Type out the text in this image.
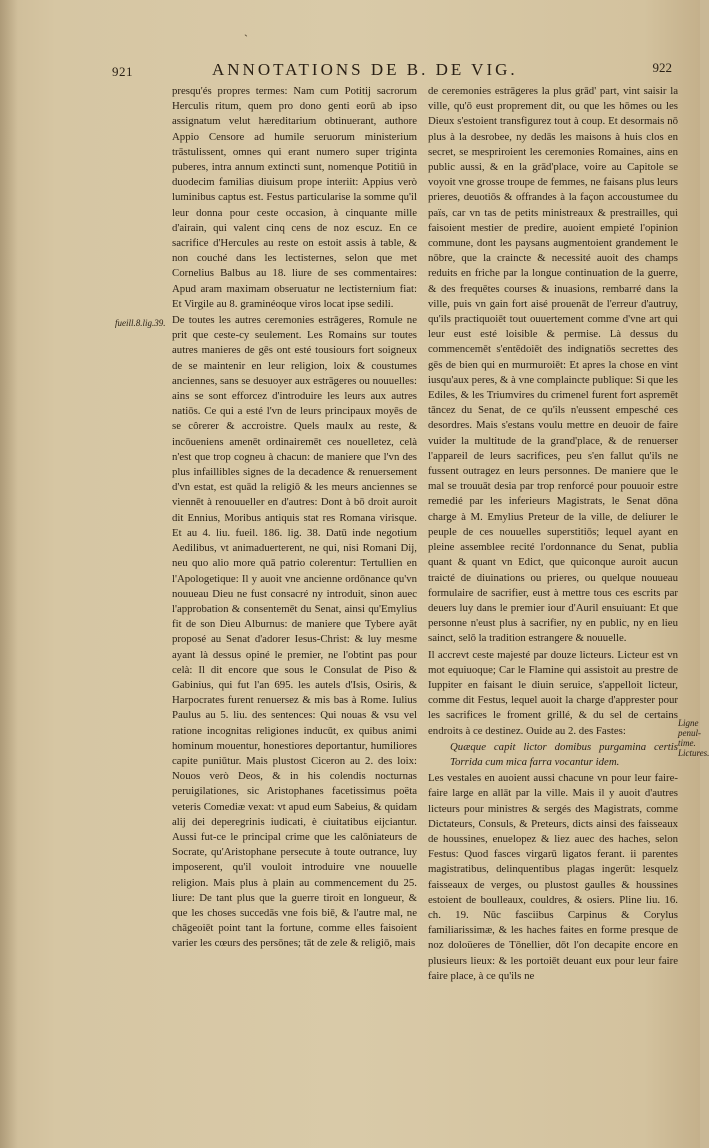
ˋ
921	ANNOTATIONS DE B. DE VIG.	922
fueill.8.lig.39.
Ligne penul-time. Lictures.

presqu'és propres termes: Nam cum Potitij sacrorum Herculis ritum, quem pro dono genti eorū ab ipso assignatum velut hæreditarium obtinuerant, authore Appio Censore ad humile seruorum ministerium trāstulissent, omnes qui erant numero super triginta puberes, intra annum extincti sunt, nomenque Potitiū in duodecim familias diuisum prope interiit: Appius verò luminibus captus est. Festus particularise la somme qu'il leur donna pour ceste occasion, à cinquante mille d'airain, qui valent cinq cens de noz escuz. En ce sacrifice d'Hercules au reste on estoit assis à table, & non couché dans les lectisternes, selon que met Cornelius Balbus au 18. liure de ses commentaires: Apud aram maximam obseruatur ne lectisternium fiat: Et Virgile au 8. graminéoque viros locat ipse sedili.

De toutes les autres ceremonies estrāgeres, Romule ne prit que ceste-cy seulement. Les Romains sur toutes autres manieres de gēs ont esté tousiours fort soigneux de se maintenir en leur religion, loix & coustumes anciennes, sans se desuoyer aux estrāgeres ou nouuelles: ains se sont efforcez d'introduire les leurs aux autres natiōs. Ce qui a esté l'vn de leurs principaux moyēs de se côrerer & accroistre. Quels maulx au reste, & incōueniens amenēt ordinairemēt ces nouelletez, celà n'est que trop cogneu à chacun: de maniere que l'vn des plus infaillibles signes de la decadence & renuersement d'vn estat, est quād la religiō & les meurs anciennes se viennēt à renouueller en d'autres: Dont à bō droit auroit dit Ennius, Moribus antiquis stat res Romana virisque. Et au 4. liu. fueil. 186. lig. 38. Datū inde negotium Aedilibus, vt animaduerterent, ne qui, nisi Romani Dij, neu quo alio more quā patrio colerentur: Tertullien en l'Apologetique: Il y auoit vne ancienne ordōnance qu'vn nouueau Dieu ne fust consacré ny introduit, sinon auec l'approbation & consentemēt du Senat, ainsi qu'Emylius fit de son Dieu Alburnus: de maniere que Tybere ayāt proposé au Senat d'adorer Iesus-Christ: & luy mesme ayant là dessus opiné le premier, ne l'obtint pas pour celà: Il dit encore que sous le Consulat de Piso & Gabinius, qui fut l'an 695. les autels d'Isis, Osiris, & Harpocrates furent renuersez & mis bas à Rome. Iulius Paulus au 5. liu. des sentences: Qui nouas & vsu vel ratione incognitas religiones inducūt, ex quibus animi hominum mouentur, honestiores deportantur, humiliores capite puniūtur. Mais plustost Ciceron au 2. des loix: Nouos verò Deos, & in his colendis nocturnas peruigilationes, sic Aristophanes facetissimus poëta veteris Comediæ vexat: vt apud eum Sabeius, & quidam alij dei deperegrinis iudicati, è ciuitatibus eijciantur. Aussi fut-ce le principal crime que les calōniateurs de Socrate, qu'Aristophane persecute à toute outrance, luy imposerent, qu'il vouloit introduire vne nouuelle religion. Mais plus à plain au commencement du 25. liure: De tant plus que la guerre tiroit en longueur, & que les choses succedās vne fois biē, & l'autre mal, ne chāgeoiēt point tant la fortune, comme elles faisoient varier les cœurs des persōnes; tāt de zele & religiō, mais

de ceremonies estrāgeres la plus grād' part, vint saisir la ville, qu'ō eust proprement dit, ou que les hōmes ou les Dieux s'estoient transfigurez tout à coup. Et desormais nō plus à la desrobee, ny dedās les maisons à huis clos en secret, se mespriroient les ceremonies Romaines, ains en public aussi, & en la grād'place, voire au Capitole se voyoit vne grosse troupe de femmes, ne faisans plus leurs prieres, deuotiōs & offrandes à la façon accoustumee du païs, car vn tas de petits ministreaux & prestrailles, qui faisoient mestier de predire, auoient empieté l'opinion commune, dont les paysans augmentoient grandement le nōbre, que la craincte & necessité auoit des champs reduits en friche par la longue continuation de la guerre, & des frequētes courses & inuasions, rembarré dans la ville, puis vn gain fort aisé prouenāt de l'erreur d'autruy, qu'ils practiquoiēt tout ouuertement comme d'vne art qui leur eust esté loisible & permise. Là dessus du commencemēt s'entēdoiēt des indignatiōs secrettes des gēs de bien qui en murmuroiēt: Et apres la chose en vint iusqu'aux peres, & à vne complaincte publique: Si que les Ediles, & les Triumvires du crimenel furent fort aspremēt tāncez du Senat, de ce qu'ils n'eussent empesché ces desordres. Mais s'estans voulu mettre en deuoir de faire vuider la multitude de la grand'place, & de renuerser l'appareil de leurs sacrifices, peu s'en fallut qu'ils ne fussent outragez en leurs personnes. De maniere que le mal se trouuāt desia par trop renforcé pour pouuoir estre remedié par les inferieurs Magistrats, le Senat dōna charge à M. Emylius Preteur de la ville, de deliurer le peuple de ces nouuelles superstitiōs; lequel ayant en pleine assemblee recité l'ordonnance du Senat, publia quant & quant vn Edict, que quiconque auroit aucun traicté de diuinations ou prieres, ou quelque nouueau formulaire de sacrifier, eust à mettre tous ces escrits par deuers luy dans le premier iour d'Auril ensuiuant: Et que personne n'eust plus à sacrifier, ny en public, ny en lieu sainct, selō la tradition estrangere & nouuelle.

Il accrevt ceste majesté par douze licteurs. Licteur est vn mot equiuoque; Car le Flamine qui assistoit au prestre de Iuppiter en faisant le diuin seruice, s'appelloit licteur, comme dit Festus, lequel auoit la charge d'apprester pour les sacrifices le froment grillé, & du sel de certains endroits à ce destinez. Ouide au 2. des Fastes:

Quæque capit lictor domibus purgamina certis Torrida cum mica farra vocantur idem.

Les vestales en auoient aussi chacune vn pour leur faire-faire large en allāt par la ville. Mais il y auoit d'autres licteurs pour ministres & sergés des Magistrats, comme Dictateurs, Consuls, & Preteurs, dicts ainsi des faisseaux de houssines, enuelopez & liez auec des haches, selon Festus: Quod fasces virgarū ligatos ferant. ii parentes magistratibus, delinquentibus plagas ingerūt: lesquelz faisseaux de verges, ou plustost gaulles & houssines estoient de boulleaux, couldres, & osiers. Pline liu. 16. ch. 19. Nūc fasciibus Carpinus & Corylus familiarissimæ, & les haches faites en forme presque de noz doloüeres de Tōnellier, dōt l'on decapite encore en plusieurs lieux: & les portoiēt deuant eux pour leur faire faire place, à ce qu'ils ne
